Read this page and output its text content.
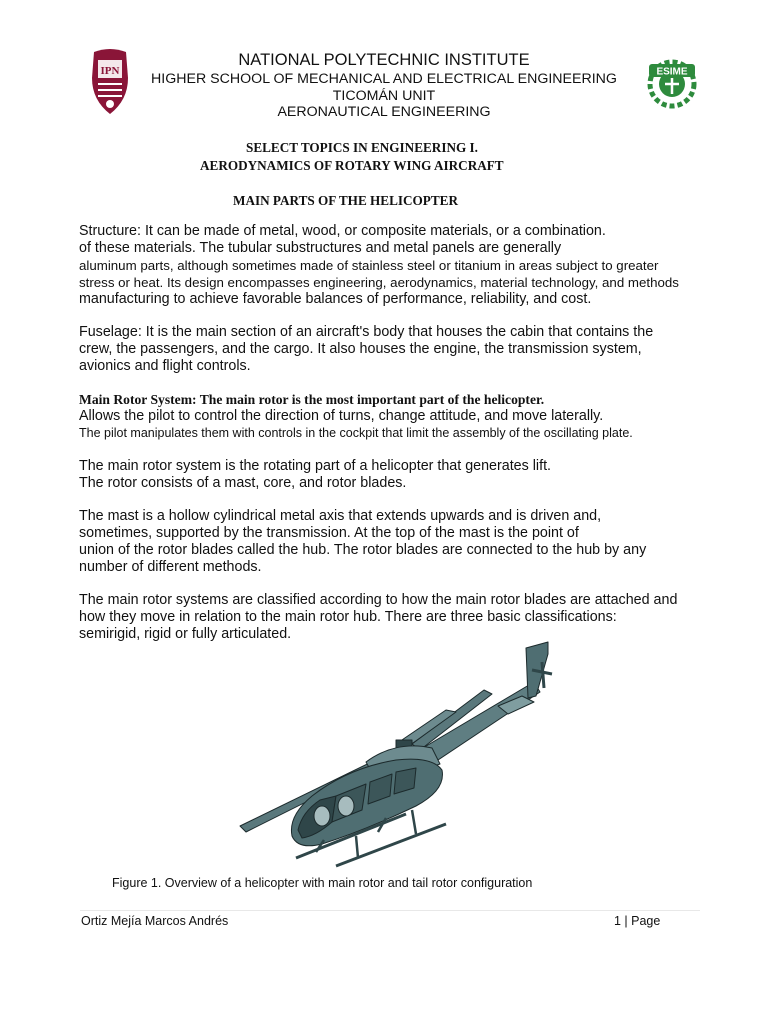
IPN	ESIME
NATIONAL POLYTECHNIC INSTITUTE
HIGHER SCHOOL OF MECHANICAL AND ELECTRICAL ENGINEERING
TICOMÁN UNIT
AERONAUTICAL ENGINEERING
SELECT TOPICS IN ENGINEERING I.
AERODYNAMICS OF ROTARY WING AIRCRAFT
MAIN PARTS OF THE HELICOPTER
Structure: It can be made of metal, wood, or composite materials, or a combination.
of these materials. The tubular substructures and metal panels are generally
aluminum parts, although sometimes made of stainless steel or titanium in areas subject to greater
stress or heat. Its design encompasses engineering, aerodynamics, material technology, and methods
manufacturing to achieve favorable balances of performance, reliability, and cost.
Fuselage: It is the main section of an aircraft's body that houses the cabin that contains the
crew, the passengers, and the cargo. It also houses the engine, the transmission system,
avionics and flight controls.
Main Rotor System: The main rotor is the most important part of the helicopter.
Allows the pilot to control the direction of turns, change attitude, and move laterally.
The pilot manipulates them with controls in the cockpit that limit the assembly of the oscillating plate.
The main rotor system is the rotating part of a helicopter that generates lift.
The rotor consists of a mast, core, and rotor blades.
The mast is a hollow cylindrical metal axis that extends upwards and is driven and,
sometimes, supported by the transmission. At the top of the mast is the point of
union of the rotor blades called the hub. The rotor blades are connected to the hub by any
number of different methods.
The main rotor systems are classified according to how the main rotor blades are attached and
how they move in relation to the main rotor hub. There are three basic classifications:
semirigid, rigid or fully articulated.
Figure 1. Overview of a helicopter with main rotor and tail rotor configuration
Ortiz Mejía Marcos Andrés	1 | Page
